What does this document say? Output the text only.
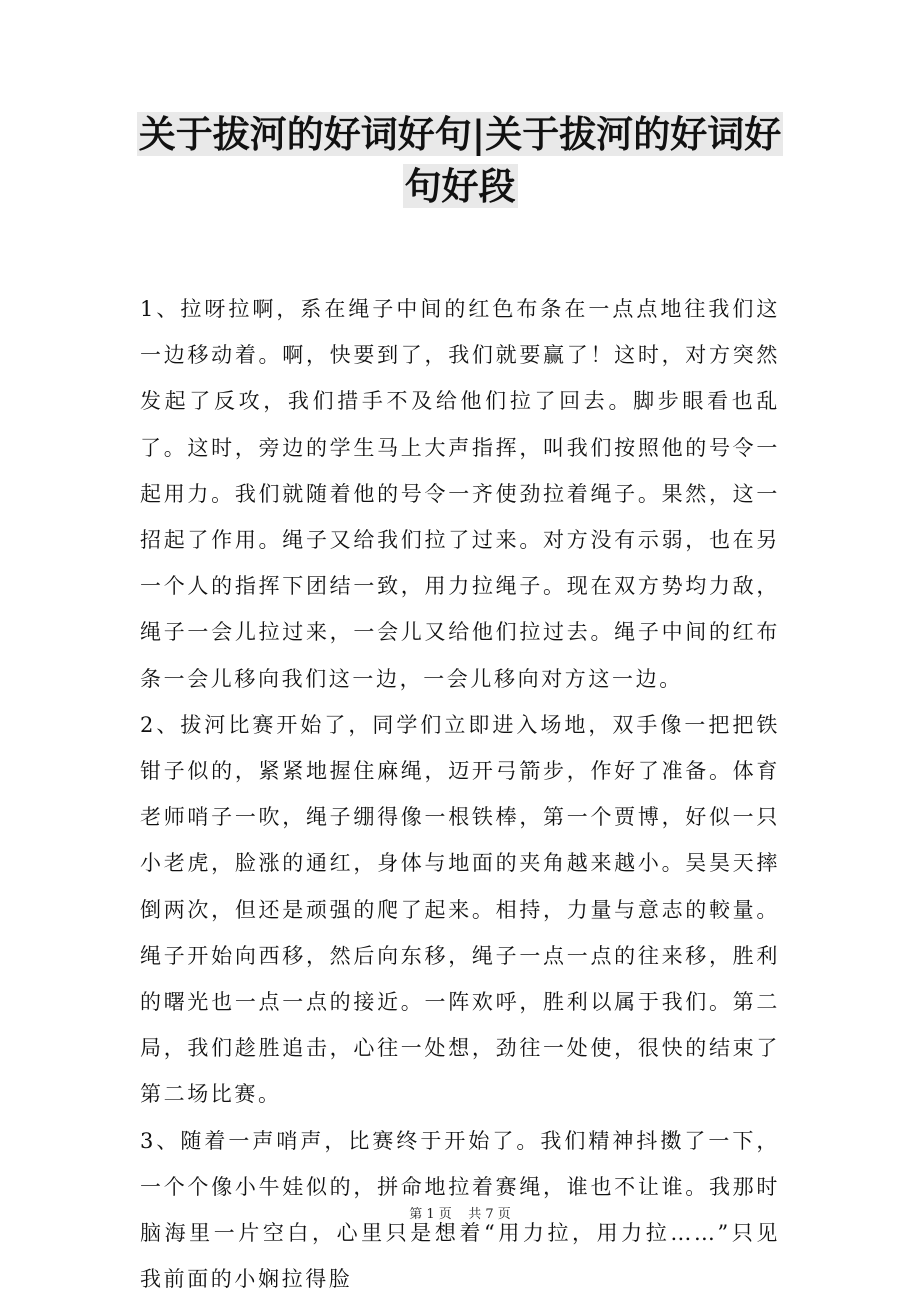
关于拔河的好词好句|关于拔河的好词好句好段

1、拉呀拉啊，系在绳子中间的红色布条在一点点地往我们这一边移动着。啊，快要到了，我们就要赢了！这时，对方突然发起了反攻，我们措手不及给他们拉了回去。脚步眼看也乱了。这时，旁边的学生马上大声指挥，叫我们按照他的号令一起用力。我们就随着他的号令一齐使劲拉着绳子。果然，这一招起了作用。绳子又给我们拉了过来。对方没有示弱，也在另一个人的指挥下团结一致，用力拉绳子。现在双方势均力敌，绳子一会儿拉过来，一会儿又给他们拉过去。绳子中间的红布条一会儿移向我们这一边，一会儿移向对方这一边。

2、拔河比赛开始了，同学们立即进入场地，双手像一把把铁钳子似的，紧紧地握住麻绳，迈开弓箭步，作好了准备。体育老师哨子一吹，绳子绷得像一根铁棒，第一个贾博，好似一只小老虎，脸涨的通红，身体与地面的夹角越来越小。吴昊天摔倒两次，但还是顽强的爬了起来。相持，力量与意志的較量。绳子开始向西移，然后向东移，绳子一点一点的往来移，胜利的曙光也一点一点的接近。一阵欢呼，胜利以属于我们。第二局，我们趁胜追击，心往一处想，劲往一处使，很快的结束了第二场比赛。

3、随着一声哨声，比赛终于开始了。我们精神抖擞了一下，一个个像小牛娃似的，拼命地拉着赛绳，谁也不让谁。我那时脑海里一片空白，心里只是想着“用力拉，用力拉……”只见我前面的小娴拉得脸

第 1 页    共 7 页
